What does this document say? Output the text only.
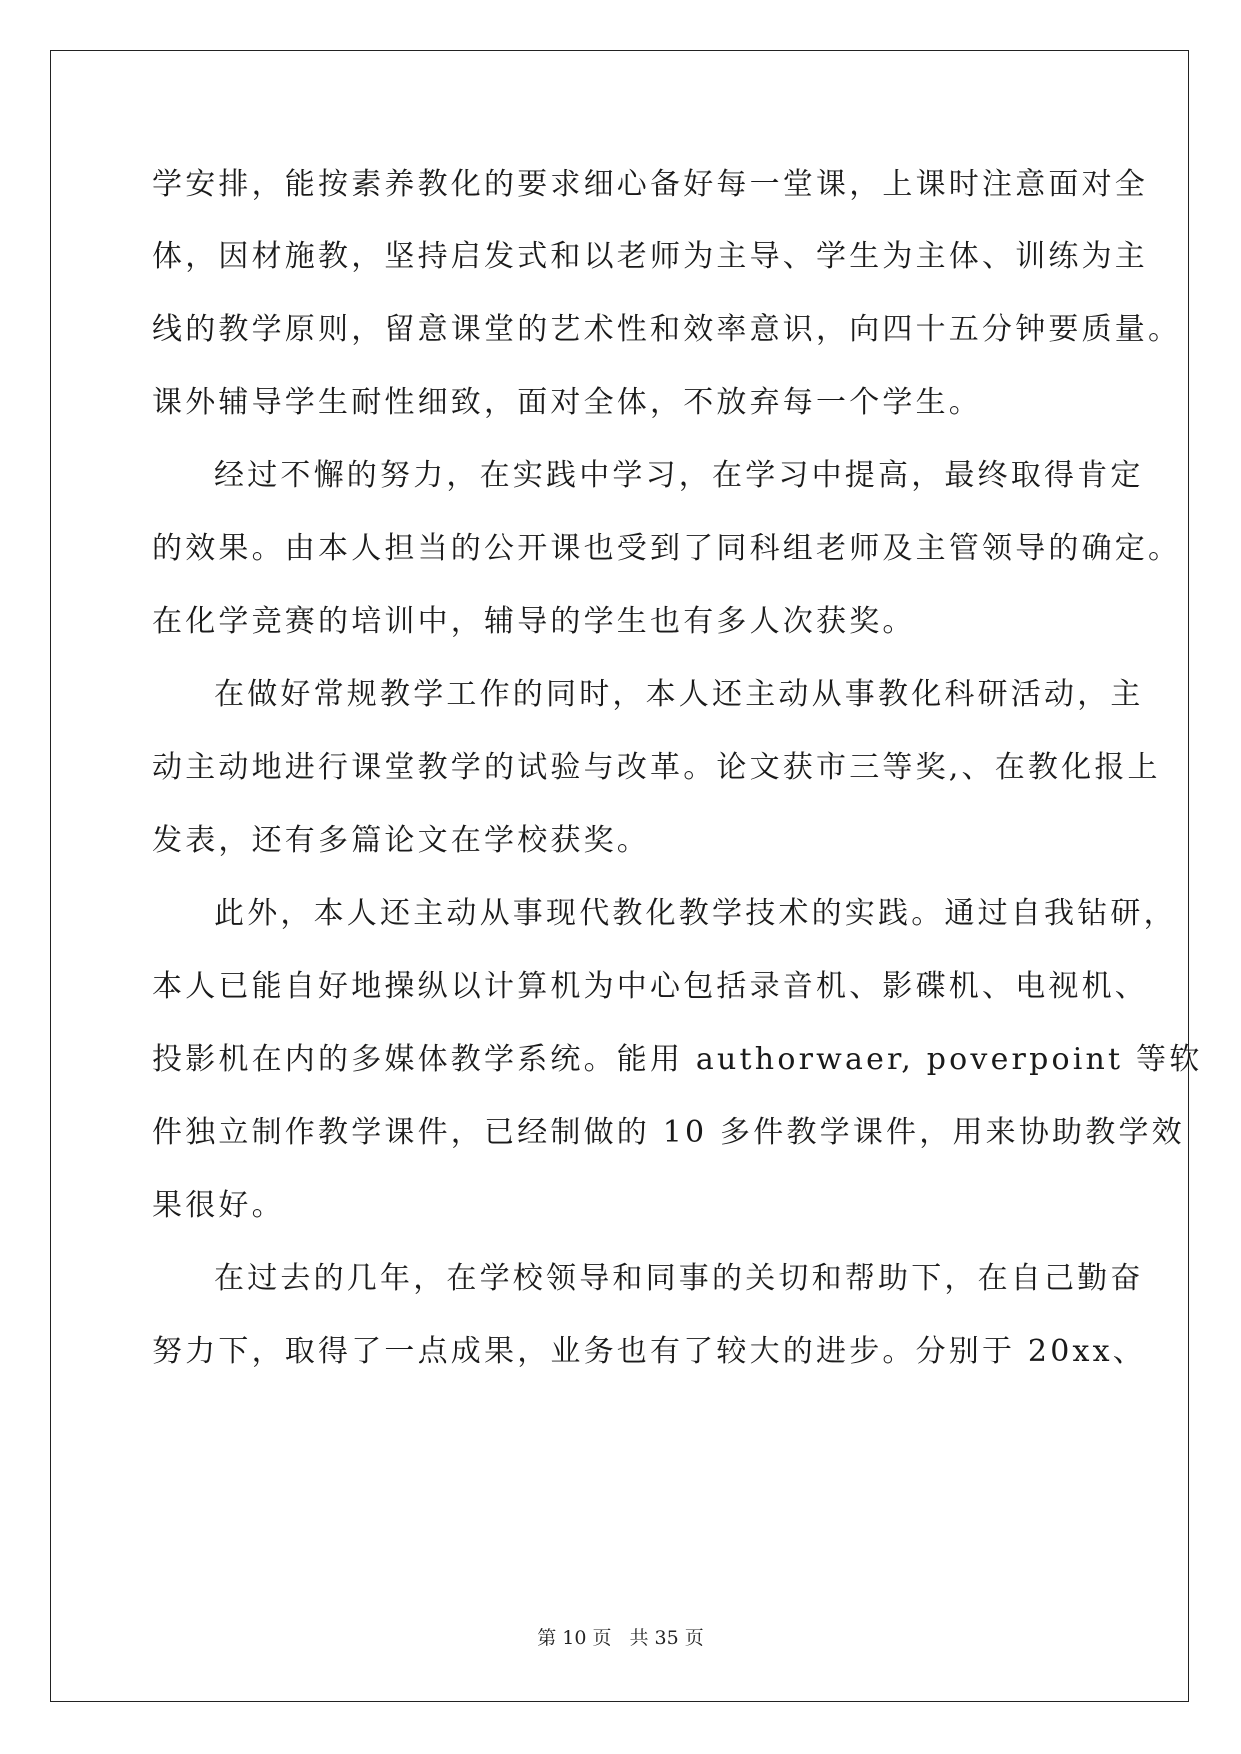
学安排，能按素养教化的要求细心备好每一堂课，上课时注意面对全
体，因材施教，坚持启发式和以老师为主导、学生为主体、训练为主
线的教学原则，留意课堂的艺术性和效率意识，向四十五分钟要质量。
课外辅导学生耐性细致，面对全体，不放弃每一个学生。
经过不懈的努力，在实践中学习，在学习中提高，最终取得肯定
的效果。由本人担当的公开课也受到了同科组老师及主管领导的确定。
在化学竞赛的培训中，辅导的学生也有多人次获奖。
在做好常规教学工作的同时，本人还主动从事教化科研活动，主
动主动地进行课堂教学的试验与改革。论文获市三等奖,、在教化报上
发表，还有多篇论文在学校获奖。
此外，本人还主动从事现代教化教学技术的实践。通过自我钻研，
本人已能自好地操纵以计算机为中心包括录音机、影碟机、电视机、
投影机在内的多媒体教学系统。能用 authorwaer, poverpoint 等软
件独立制作教学课件，已经制做的 10 多件教学课件，用来协助教学效
果很好。
在过去的几年，在学校领导和同事的关切和帮助下，在自己勤奋
努力下，取得了一点成果，业务也有了较大的进步。分别于 20xx、
第 10 页 共 35 页
